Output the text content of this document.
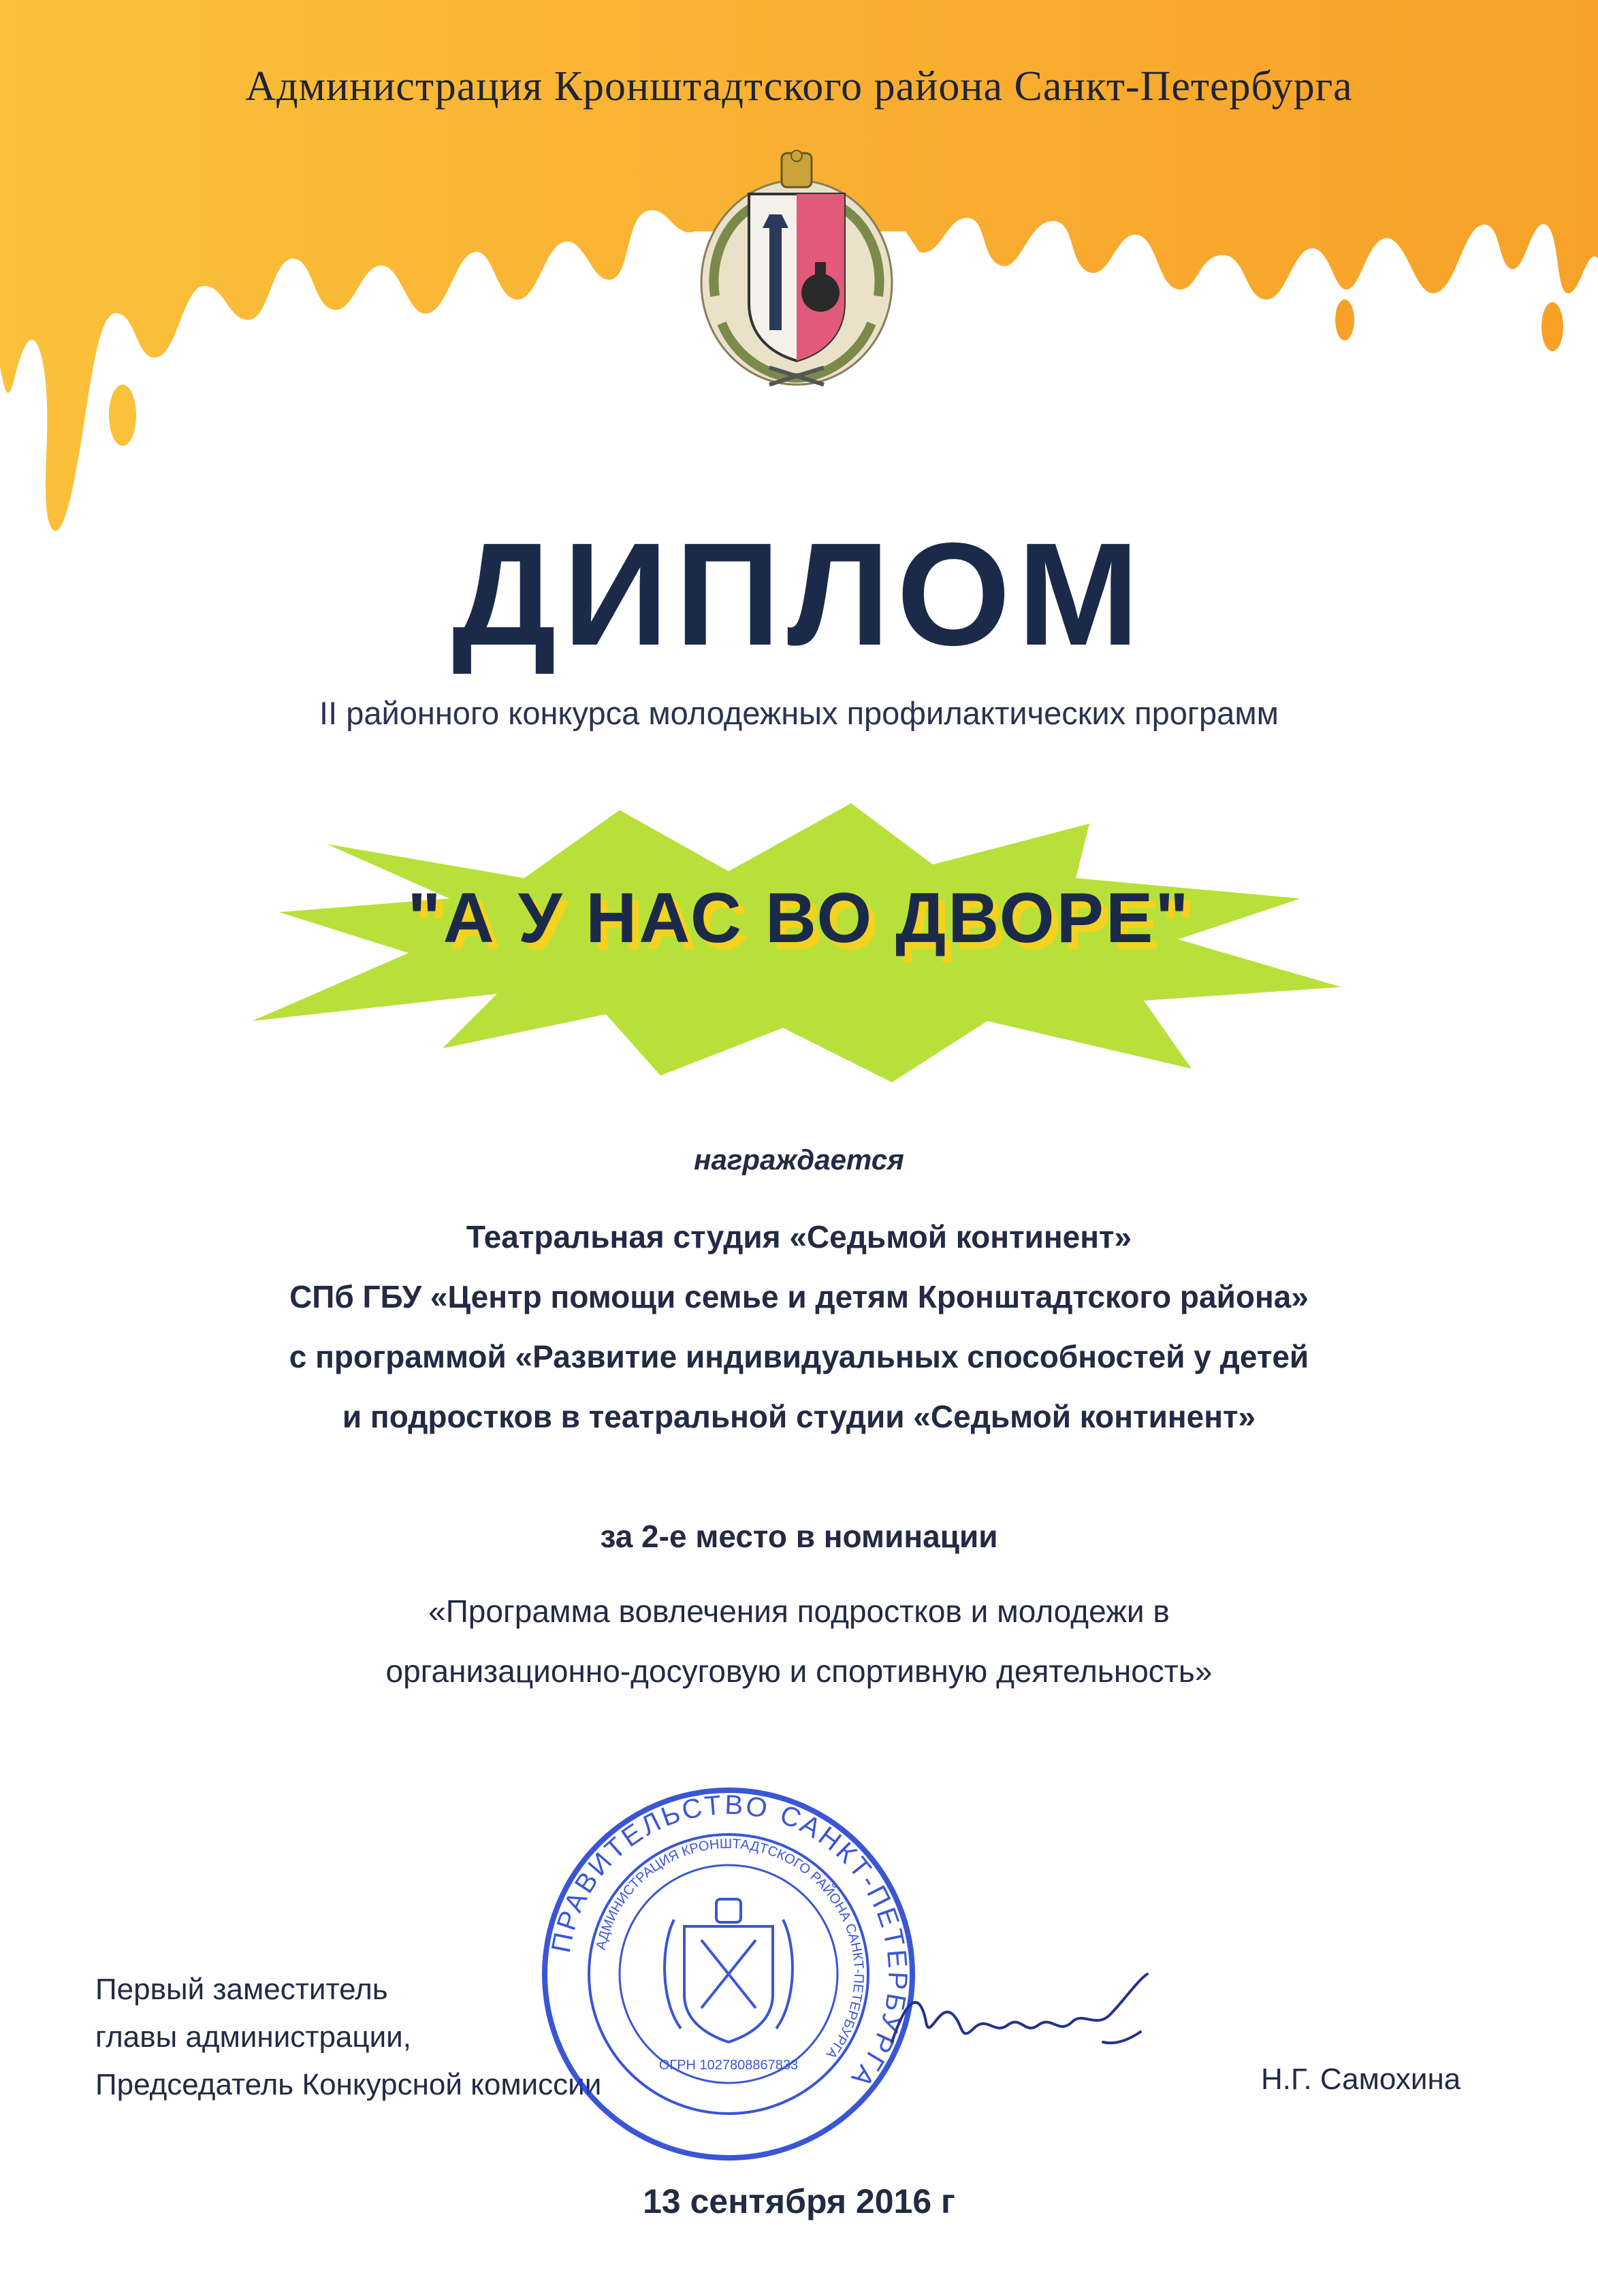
Администрация Кронштадтского района Санкт-Петербурга
ДИПЛОМ
II районного конкурса молодежных профилактических программ
"А У НАС ВО ДВОРЕ"
награждается
Театральная студия «Седьмой континент»
СПб ГБУ «Центр помощи семье и детям Кронштадтского района»
с программой «Развитие индивидуальных способностей у детей
и подростков в театральной студии «Седьмой континент»
за 2-е место в номинации
«Программа вовлечения подростков и молодежи в
организационно-досуговую и спортивную деятельность»
Первый заместитель
главы администрации,
Председатель Конкурсной комиссии	Н.Г. Самохина
ПРАВИТЕЛЬСТВО САНКТ-ПЕТЕРБУРГА
АДМИНИСТРАЦИЯ КРОНШТАДТСКОГО РАЙОНА САНКТ-ПЕТЕРБУРГА
ОГРН 1027808867833
13 сентября 2016 г
